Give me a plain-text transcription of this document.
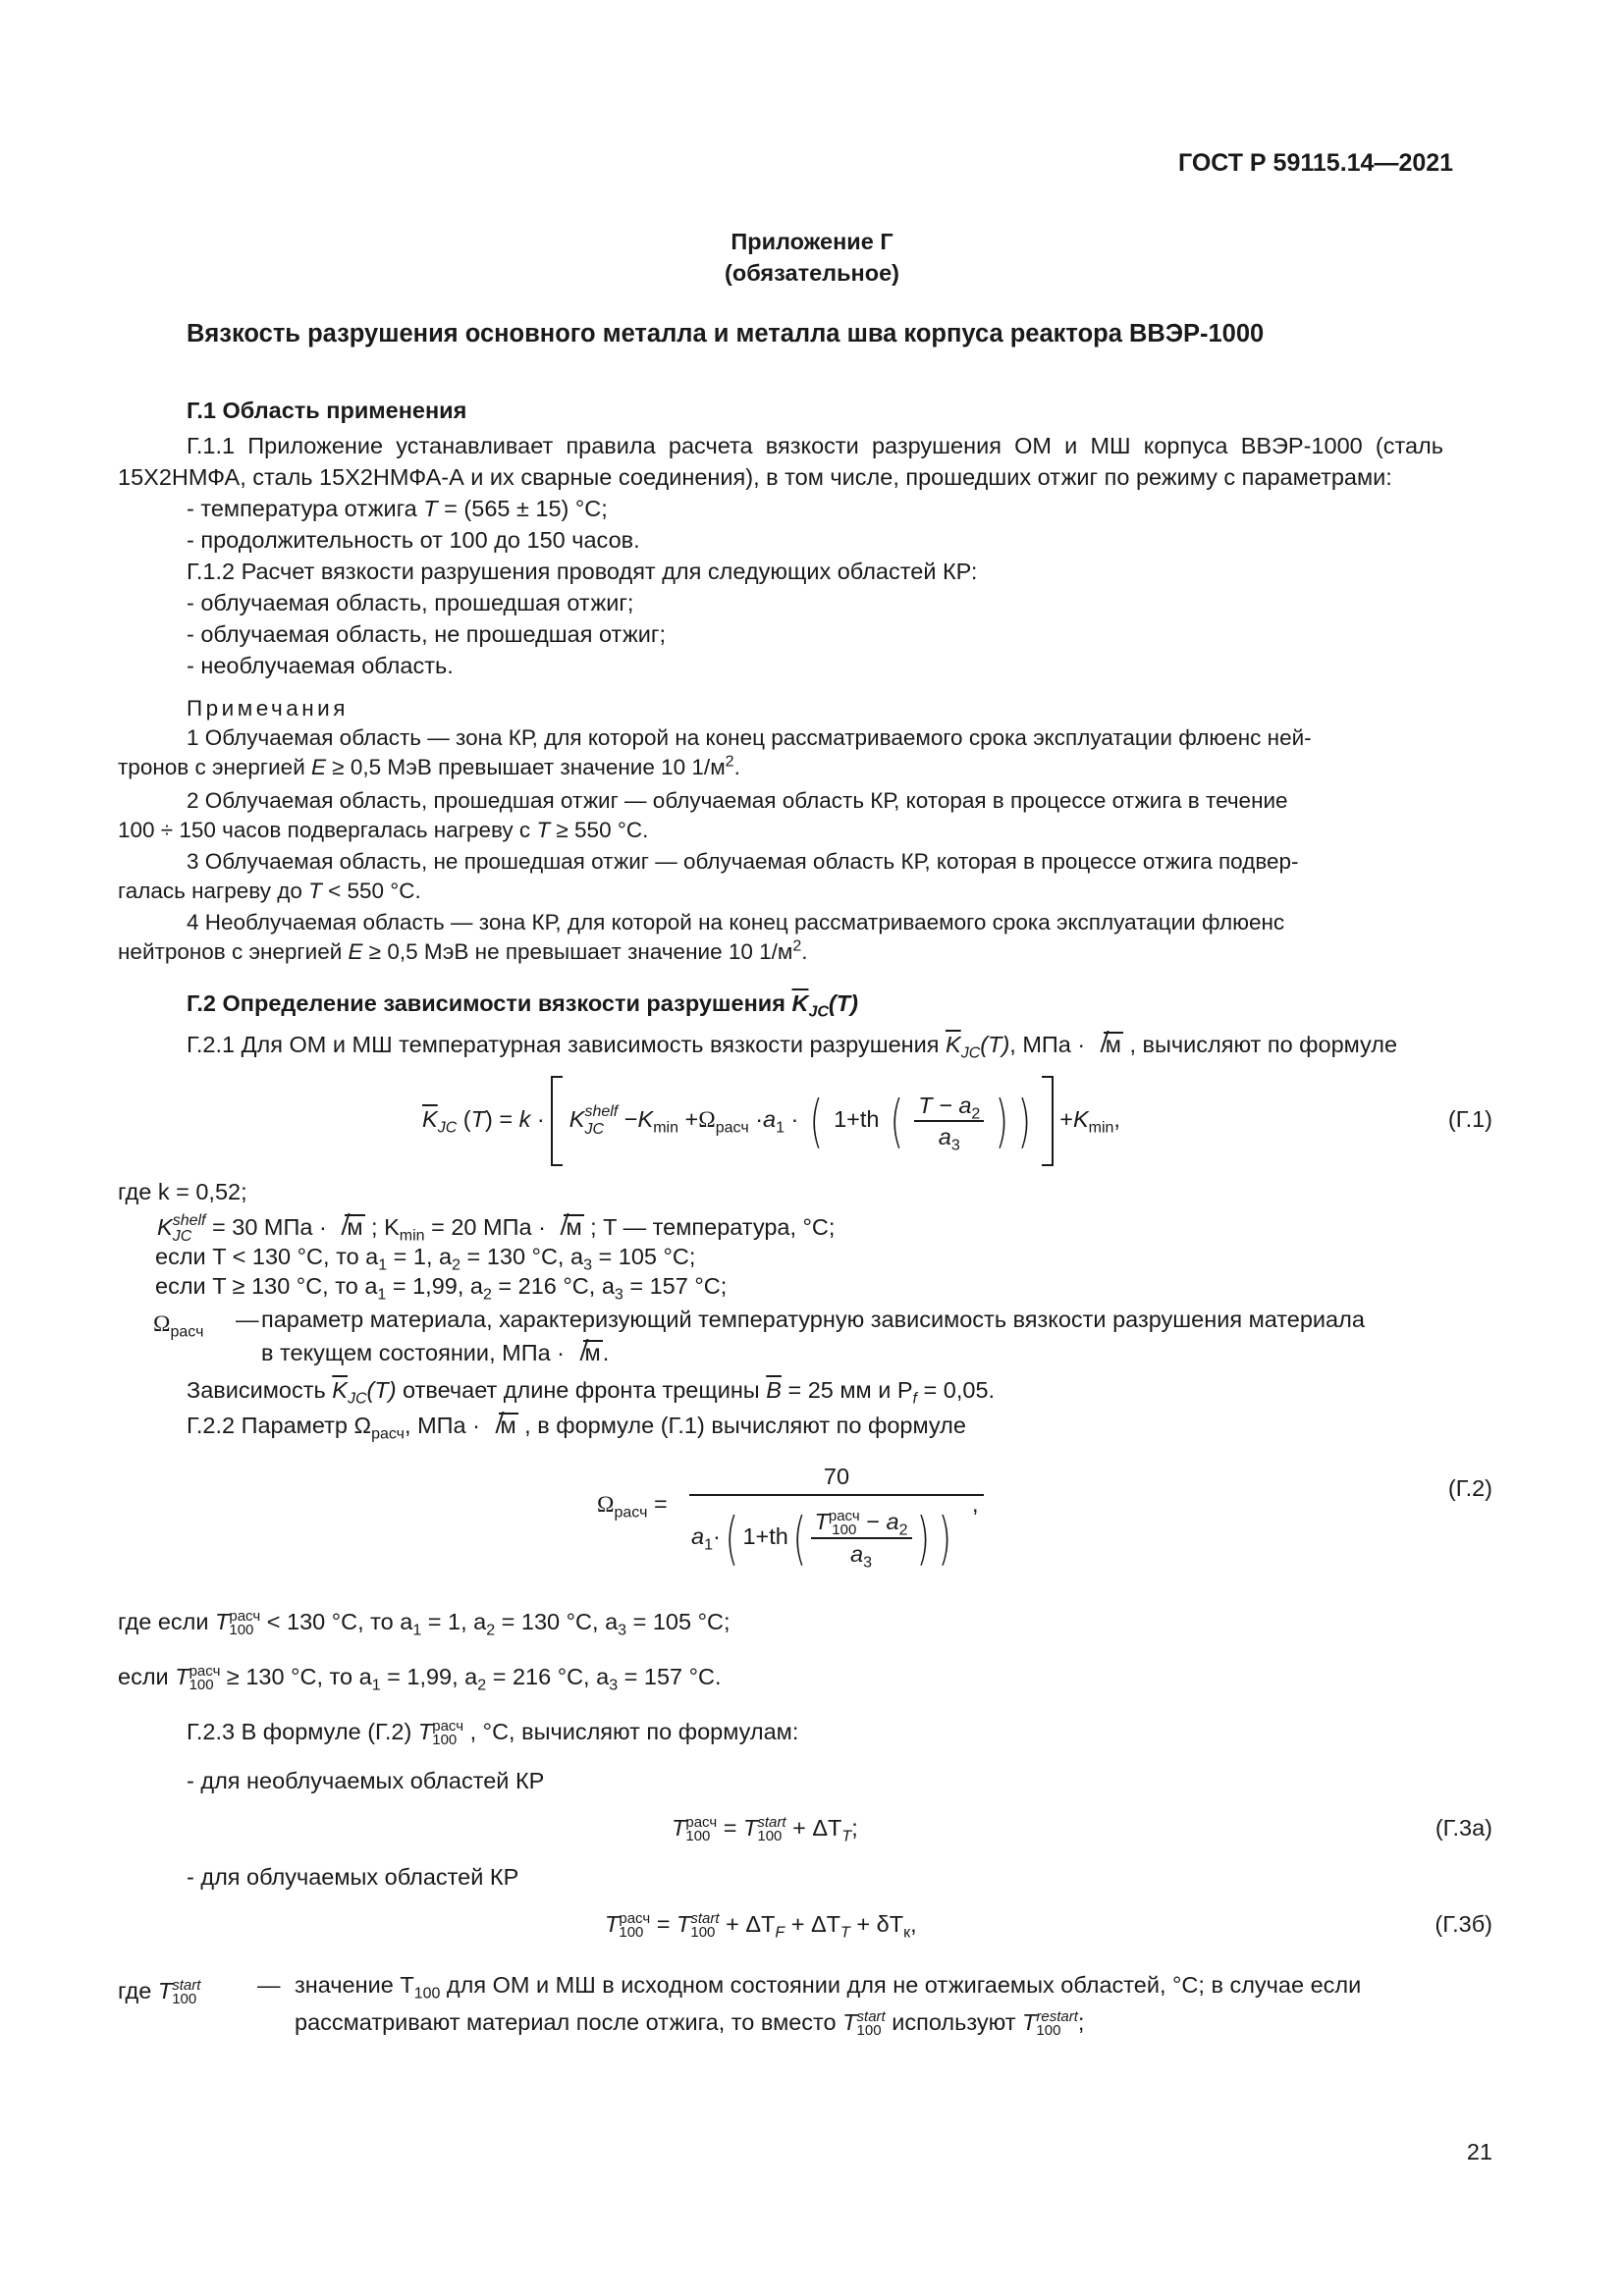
ГОСТ Р 59115.14—2021
Приложение Г
(обязательное)
Вязкость разрушения основного металла и металла шва корпуса реактора ВВЭР-1000
Г.1 Область применения
Г.1.1 Приложение устанавливает правила расчета вязкости разрушения ОМ и МШ корпуса ВВЭР-1000 (сталь 15Х2НМФА, сталь 15Х2НМФА-А и их сварные соединения), в том числе, прошедших отжиг по режиму с параметрами:
- температура отжига T = (565 ± 15) °С;
- продолжительность от 100 до 150 часов.
Г.1.2 Расчет вязкости разрушения проводят для следующих областей КР:
- облучаемая область, прошедшая отжиг;
- облучаемая область, не прошедшая отжиг;
- необлучаемая область.
Примечания
1 Облучаемая область — зона КР, для которой на конец рассматриваемого срока эксплуатации флюенс ней-
тронов с энергией E ≥ 0,5 МэВ превышает значение 10 $1/м^2$.
2 Облучаемая область, прошедшая отжиг — облучаемая область КР, которая в процессе отжига в течение
100 ÷ 150 часов подвергалась нагреву с T ≥ 550 °С.
3 Облучаемая область, не прошедшая отжиг — облучаемая область КР, которая в процессе отжига подвер-
галась нагреву до T < 550 °С.
4 Необлучаемая область — зона КР, для которой на конец рассматриваемого срока эксплуатации флюенс
нейтронов с энергией E ≥ 0,5 МэВ не превышает значение 10 $1/м^2$.
Г.2 Определение зависимости вязкости разрушения $\overline{K}_{JC}(T)$
Г.2.1 Для ОМ и МШ температурная зависимость вязкости разрушения $\overline{K}_{JC}(T)$, МПа · м , вычисляют по формуле
$\overline{K}_{JC}$ (T) = k · K shelf
JC $-K_{min} +\Omega_{расч} \cdot a_1$ · ( 1+th ( $\frac{T - a_2}{a_3}$ ) ) $+K_{min}$,	(Г.1)
где k = 0,52;
K shelf
JC = 30 МПа · м ; $K_{min} = 20$ МПа · м ; T — температура, °С;
если T < 130 °С, то $a_1 = 1$, $a_2 = 130$ °С, $a_3 = 105$ °С;
если T ≥ 130 °С, то $a_1 = 1,99$, $a_2 = 216$ °С, $a_3 = 157$ °С;
$\Omega_{расч}$
— параметр материала, характеризующий температурную зависимость вязкости разрушения материала
в текущем состоянии, МПа · м.
Зависимость $\overline{K}_{JC}(T)$ отвечает длине фронта трещины $\overline{B} = 25$ мм и $P_f = 0,05$.
Г.2.2 Параметр $\Omega_{расч}$, МПа · м , в формуле (Г.1) вычисляют по формуле
$\Omega_{расч}$ =
70
,
$a_1\cdot$( 1+th( T расч
$100 - a_2$
$a_3$ ) )
(Г.2)
где если T расч
100 < 130 °С, то $a_1 = 1$, $a_2 = 130$ °С, $a_3 = 105$ °С;
если T расч
100 ≥ 130 °С, то $a_1 = 1,99$, $a_2 = 216$ °С, $a_3 = 157$ °С.
Г.2.3 В формуле (Г.2) T расч
100 , °С, вычисляют по формулам:
- для необлучаемых областей КР
T расч
100 = T start
$100 + \Delta T_T$;	(Г.3а)
- для облучаемых областей КР
T расч
100 = T start
$100 + \Delta T_F + \Delta T_T + \delta T_к$,	(Г.3б)
где T start
100
— значение $T_{100}$ для ОМ и МШ в исходном состоянии для не отжигаемых областей, °С; в случае если
рассматривают материал после отжига, то вместо T start
100 используют T restart
100 ;
21
